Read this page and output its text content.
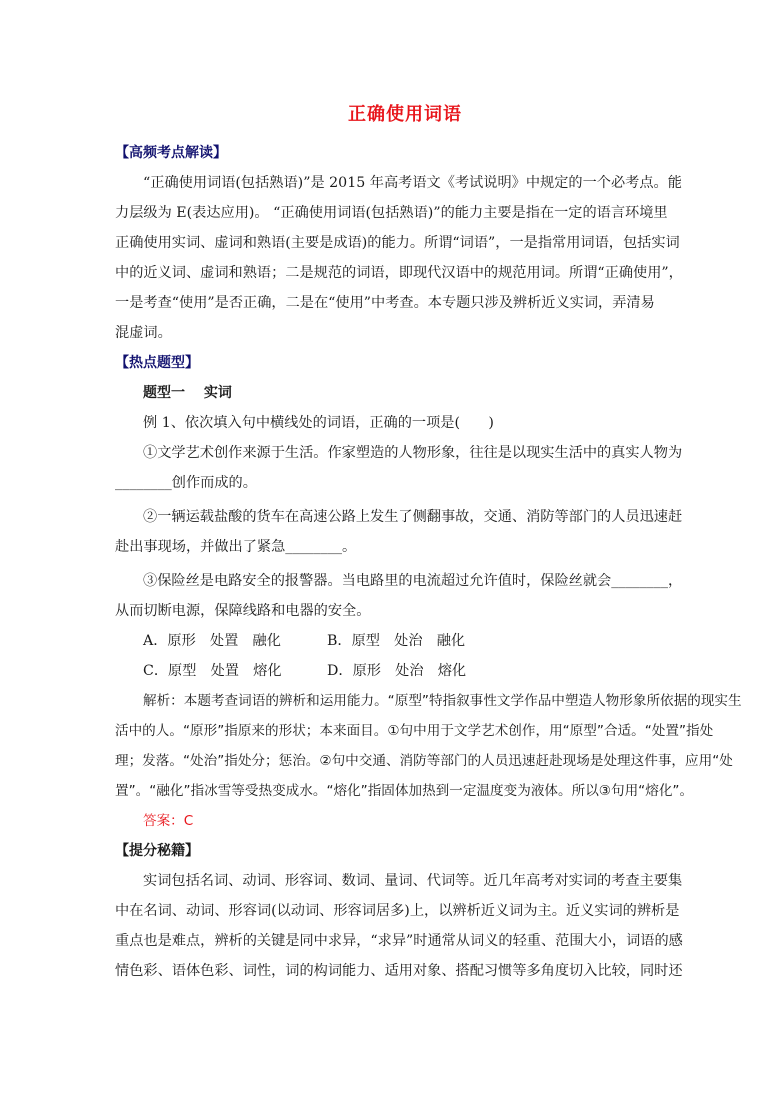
正确使用词语
【高频考点解读】
“正确使用词语(包括熟语)”是 2015 年高考语文《考试说明》中规定的一个必考点。能
力层级为 E(表达应用)。 “正确使用词语(包括熟语)”的能力主要是指在一定的语言环境里
正确使用实词、虚词和熟语(主要是成语)的能力。所谓“词语”，一是指常用词语，包括实词
中的近义词、虚词和熟语；二是规范的词语，即现代汉语中的规范用词。所谓“正确使用”，
一是考查“使用”是否正确，二是在“使用”中考查。本专题只涉及辨析近义实词，弄清易
混虚词。
【热点题型】
题型一　 实词
例 1、依次填入句中横线处的词语，正确的一项是(　　)
①文学艺术创作来源于生活。作家塑造的人物形象，往往是以现实生活中的真实人物为
________创作而成的。
②一辆运载盐酸的货车在高速公路上发生了侧翻事故，交通、消防等部门的人员迅速赶
赴出事现场，并做出了紧急________。
③保险丝是电路安全的报警器。当电路里的电流超过允许值时，保险丝就会________，
从而切断电源，保障线路和电器的安全。
A．原形　处置　融化	B．原型　处治　融化
C．原型　处置　熔化	D．原形　处治　熔化
解析：本题考查词语的辨析和运用能力。“原型”特指叙事性文学作品中塑造人物形象所依据的现实生
活中的人。“原形”指原来的形状；本来面目。①句中用于文学艺术创作，用“原型”合适。“处置”指处
理；发落。“处治”指处分；惩治。②句中交通、消防等部门的人员迅速赶赴现场是处理这件事，应用“处
置”。“融化”指冰雪等受热变成水。“熔化”指固体加热到一定温度变为液体。所以③句用“熔化”。
答案：C
【提分秘籍】
实词包括名词、动词、形容词、数词、量词、代词等。近几年高考对实词的考查主要集
中在名词、动词、形容词(以动词、形容词居多)上，以辨析近义词为主。近义实词的辨析是
重点也是难点，辨析的关键是同中求异，“求异”时通常从词义的轻重、范围大小，词语的感
情色彩、语体色彩、词性，词的构词能力、适用对象、搭配习惯等多角度切入比较，同时还
